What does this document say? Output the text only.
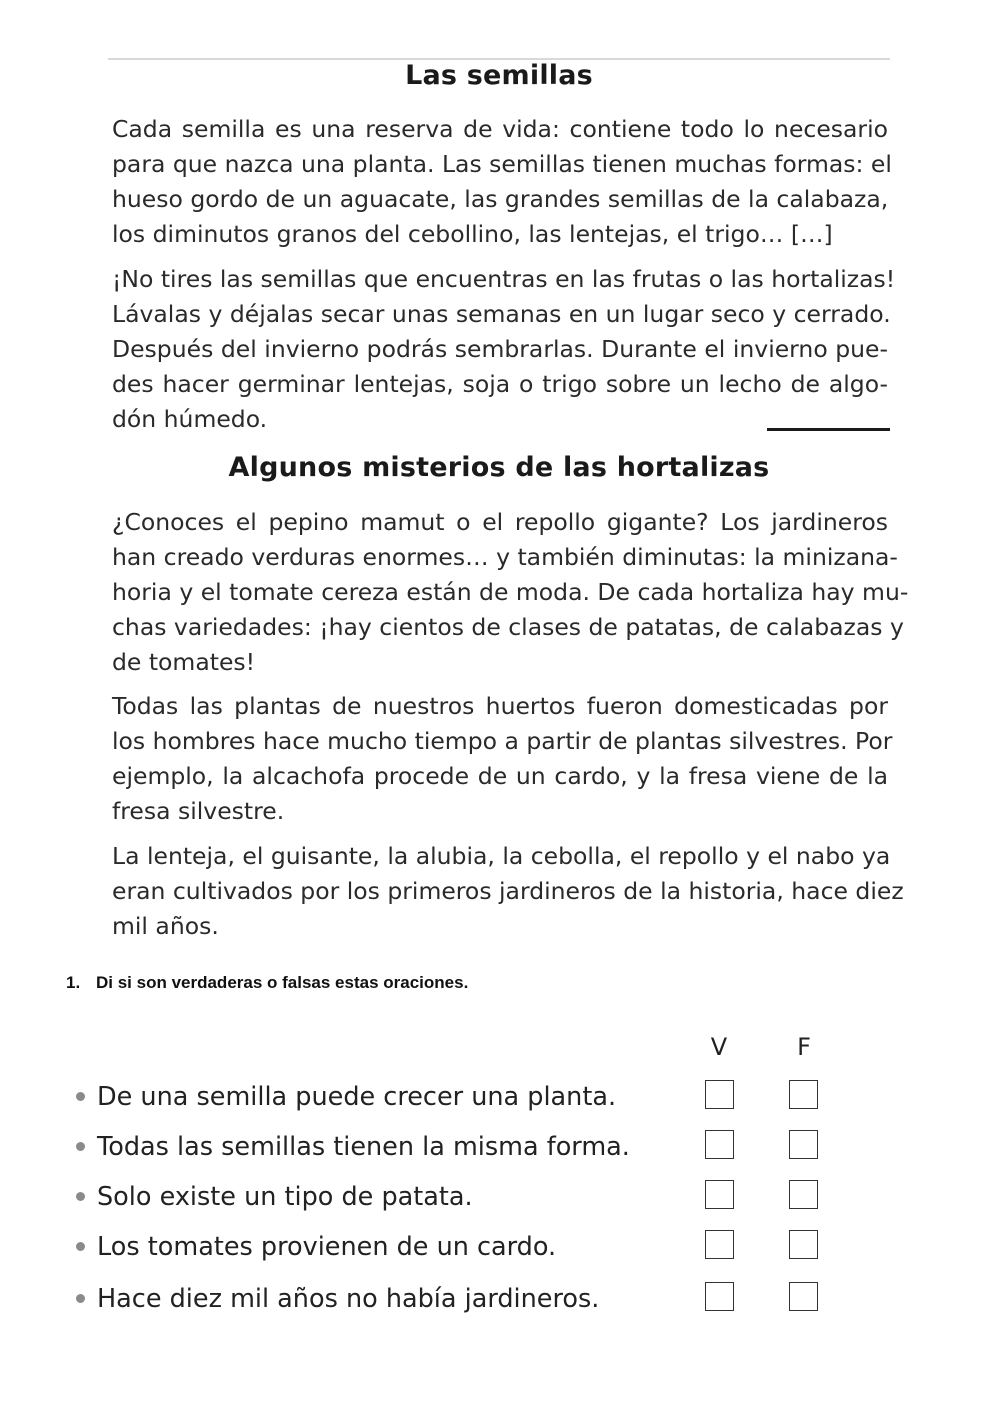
Las semillas
Cada semilla es una reserva de vida: contiene todo lo necesario
para que nazca una planta. Las semillas tienen muchas formas: el
hueso gordo de un aguacate, las grandes semillas de la calabaza,
los diminutos granos del cebollino, las lentejas, el trigo… […]
¡No tires las semillas que encuentras en las frutas o las hortalizas!
Lávalas y déjalas secar unas semanas en un lugar seco y cerrado.
Después del invierno podrás sembrarlas. Durante el invierno pue-
des hacer germinar lentejas, soja o trigo sobre un lecho de algo-
dón húmedo.
Algunos misterios de las hortalizas
¿Conoces el pepino mamut o el repollo gigante? Los jardineros
han creado verduras enormes… y también diminutas: la minizana-
horia y el tomate cereza están de moda. De cada hortaliza hay mu-
chas variedades: ¡hay cientos de clases de patatas, de calabazas y
de tomates!
Todas las plantas de nuestros huertos fueron domesticadas por
los hombres hace mucho tiempo a partir de plantas silvestres. Por
ejemplo, la alcachofa procede de un cardo, y la fresa viene de la
fresa silvestre.
La lenteja, el guisante, la alubia, la cebolla, el repollo y el nabo ya
eran cultivados por los primeros jardineros de la historia, hace diez
mil años.

1. Di si son verdaderas o falsas estas oraciones.

V	F
De una semilla puede crecer una planta.
Todas las semillas tienen la misma forma.
Solo existe un tipo de patata.
Los tomates provienen de un cardo.
Hace diez mil años no había jardineros.
